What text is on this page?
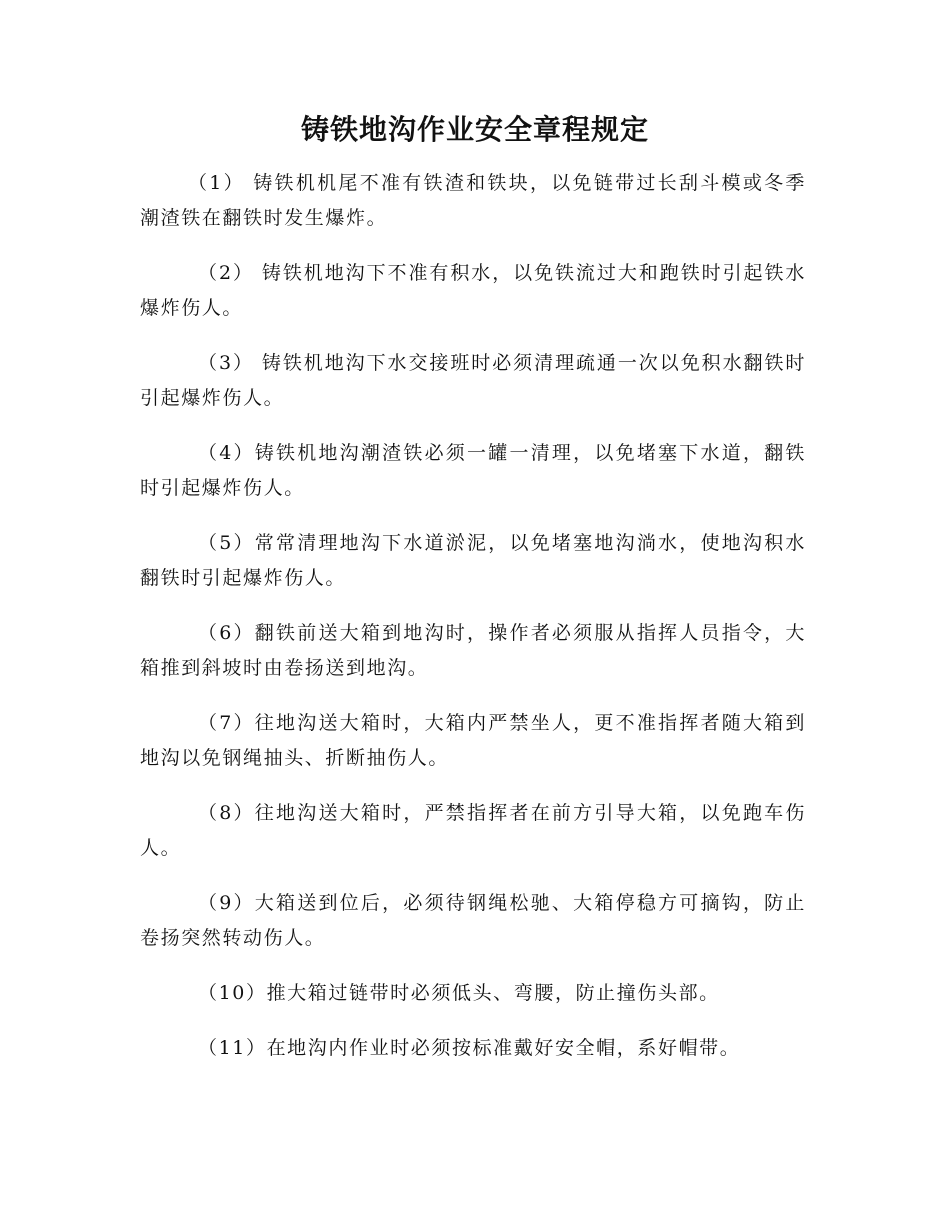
铸铁地沟作业安全章程规定

（1） 铸铁机机尾不准有铁渣和铁块，以免链带过长刮斗模或冬季潮渣铁在翻铁时发生爆炸。

（2） 铸铁机地沟下不准有积水，以免铁流过大和跑铁时引起铁水爆炸伤人。

（3） 铸铁机地沟下水交接班时必须清理疏通一次以免积水翻铁时引起爆炸伤人。

（4）铸铁机地沟潮渣铁必须一罐一清理，以免堵塞下水道，翻铁时引起爆炸伤人。

（5）常常清理地沟下水道淤泥，以免堵塞地沟淌水，使地沟积水翻铁时引起爆炸伤人。

（6）翻铁前送大箱到地沟时，操作者必须服从指挥人员指令，大箱推到斜坡时由卷扬送到地沟。

（7）往地沟送大箱时，大箱内严禁坐人，更不准指挥者随大箱到地沟以免钢绳抽头、折断抽伤人。

（8）往地沟送大箱时，严禁指挥者在前方引导大箱，以免跑车伤人。

（9）大箱送到位后，必须待钢绳松驰、大箱停稳方可摘钩，防止卷扬突然转动伤人。

（10）推大箱过链带时必须低头、弯腰，防止撞伤头部。

（11）在地沟内作业时必须按标准戴好安全帽，系好帽带。
